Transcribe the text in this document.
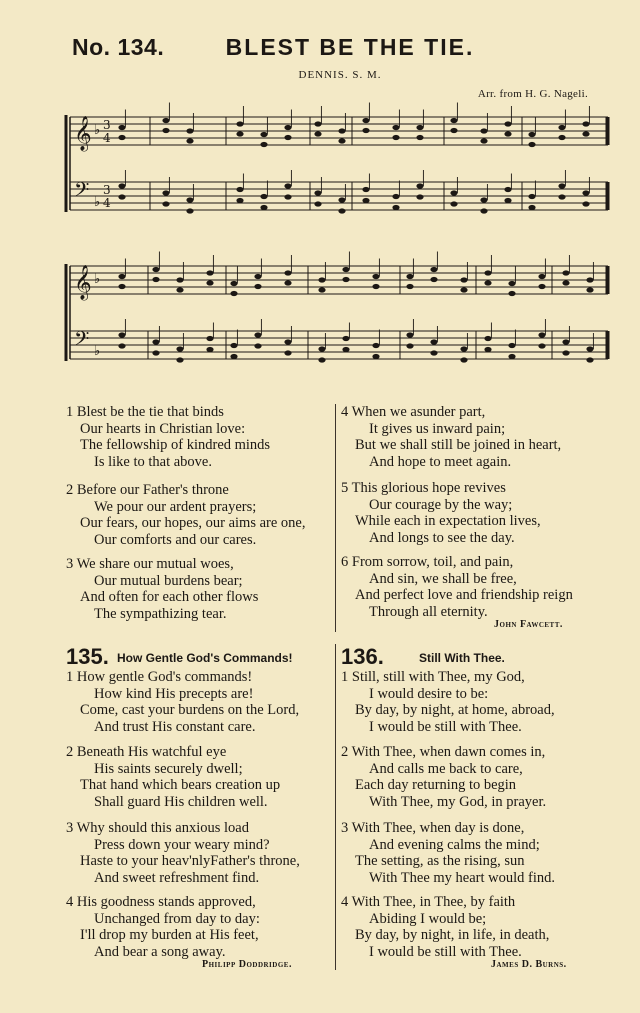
No. 134.	BLEST BE THE TIE.
DENNIS. S. M.
Arr. from H. G. Nageli.
𝄞
𝄢
♭
♭
3
4
3
4
𝄞
𝄢
♭
♭
1 Blest be the tie that binds
Our hearts in Christian love:
The fellowship of kindred minds
Is like to that above.
2 Before our Father's throne
We pour our ardent prayers;
Our fears, our hopes, our aims are one,
Our comforts and our cares.
3 We share our mutual woes,
Our mutual burdens bear;
And often for each other flows
The sympathizing tear.
4 When we asunder part,
It gives us inward pain;
But we shall still be joined in heart,
And hope to meet again.
5 This glorious hope revives
Our courage by the way;
While each in expectation lives,
And longs to see the day.
6 From sorrow, toil, and pain,
And sin, we shall be free,
And perfect love and friendship reign
Through all eternity.
John Fawcett.
135. How Gentle God's Commands!
1 How gentle God's commands!
How kind His precepts are!
Come, cast your burdens on the Lord,
And trust His constant care.
2 Beneath His watchful eye
His saints securely dwell;
That hand which bears creation up
Shall guard His children well.
3 Why should this anxious load
Press down your weary mind?
Haste to your heav'nlyFather's throne,
And sweet refreshment find.
4 His goodness stands approved,
Unchanged from day to day:
I'll drop my burden at His feet,
And bear a song away.
Philipp Doddridge.
136.	Still With Thee.
1 Still, still with Thee, my God,
I would desire to be:
By day, by night, at home, abroad,
I would be still with Thee.
2 With Thee, when dawn comes in,
And calls me back to care,
Each day returning to begin
With Thee, my God, in prayer.
3 With Thee, when day is done,
And evening calms the mind;
The setting, as the rising, sun
With Thee my heart would find.
4 With Thee, in Thee, by faith
Abiding I would be;
By day, by night, in life, in death,
I would be still with Thee.
James D. Burns.
